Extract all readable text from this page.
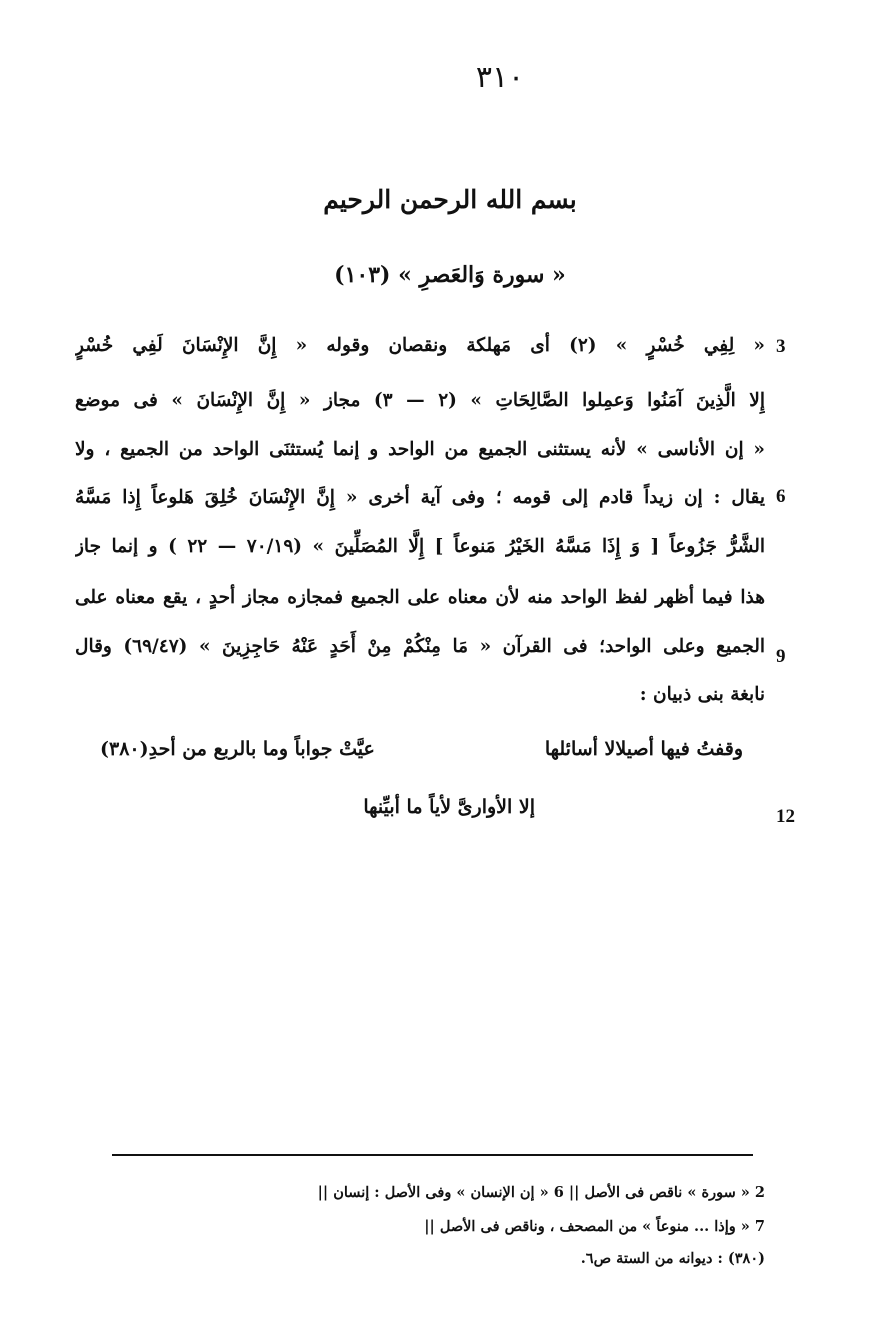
٣١٠
بسم الله الرحمن الرحيم
« سورة وَالعَصرِ » (١٠٣)
« لِفِي خُسْرٍ » (٢) أى مَهلكة ونقصان وقوله « إِنَّ الإِنْسَانَ لَفِي خُسْرٍ
إِلا الَّذِينَ آمَنُوا وَعمِلوا الصَّالِحَاتِ » (٢ — ٣) مجاز « إِنَّ الإِنْسَانَ » فى موضع
« إن الأناسى » لأنه يستثنى الجميع من الواحد و إنما يُستثنَى الواحد من الجميع ، ولا
يقال : إن زيداً قادم إلى قومه ؛ وفى آية أخرى « إِنَّ الإِنْسَانَ خُلِقَ هَلوعاً إِذا مَسَّهُ
الشَّرُّ جَزُوعاً [ وَ إِذَا مَسَّهُ الخَيْرُ مَنوعاً ] إِلَّا المُصَلِّينَ » (٧٠/١٩ — ٢٢ ) و إنما جاز
هذا فيما أظهر لفظ الواحد منه لأن معناه على الجميع فمجازه مجاز أحدٍ ، يقع معناه على
الجميع وعلى الواحد؛ فى القرآن « مَا مِنْكُمْ مِنْ أَحَدٍ عَنْهُ حَاجِزِينَ » (٦٩/٤٧) وقال
نابغة بنى ذبيان :
3
6
9
12
وقفتُ فيها أصيلالا أسائلها
عيَّتْ جواباً وما بالربع من أحدِ(٣٨٠)
إلا الأوارىَّ لأياً ما أبيِّنها
2 « سورة » ناقص فى الأصل || 6 « إن الإنسان » وفى الأصل : إنسان ||
7 « وإذا ... منوعاً » من المصحف ، وناقص فى الأصل ||
(٣٨٠) : ديوانه من الستة ص٦.
